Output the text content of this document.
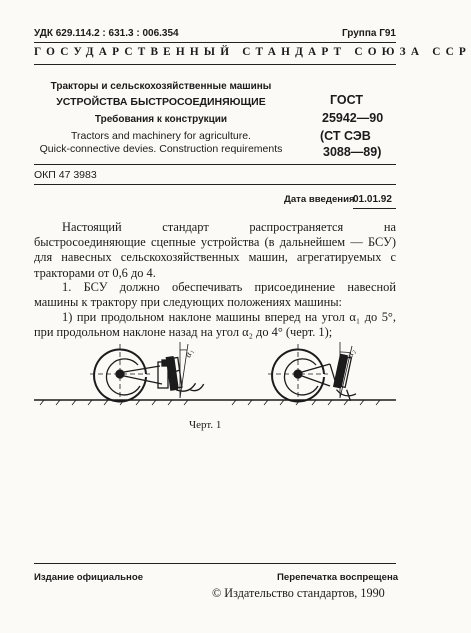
УДК 629.114.2 : 631.3 : 006.354	Группа Г91
ГОСУДАРСТВЕННЫЙ СТАНДАРТ СОЮЗА ССР
Тракторы и сельскохозяйственные машины
УСТРОЙСТВА БЫСТРОСОЕДИНЯЮЩИЕ
Требования к конструкции
Tractors and machinery for agriculture.
Quick-connective devies. Construction requirements
ГОСТ
25942—90
(СТ СЭВ
3088—89)
ОКП 47 3983
Дата введения
01.01.92
Настоящий стандарт распространяется на быстросоединяющие сцепные устройства (в дальнейшем — БСУ) для навесных сельскохозяйственных машин, агрегатируемых с тракторами от 0,6 до 4.
1. БСУ должно обеспечивать присоединение навесной машины к трактору при следующих положениях машины:
1) при продольном наклоне машины вперед на угол α₁ до 5°, при продольном наклоне назад на угол α₂ до 4° (черт. 1);
α₁	α₂
Черт. 1
Издание официальное	Перепечатка воспрещена
© Издательство стандартов, 1990
